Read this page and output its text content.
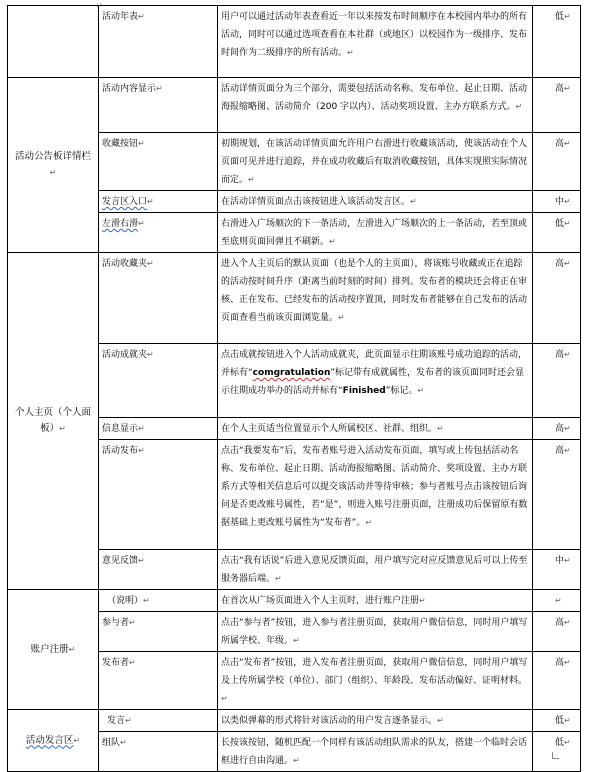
↵
	活动年表↵	用户可以通过活动年表查看近一年以来按发布时间顺序在本校园内举办的所有活动，同时可以通过选项查看在本社群（或地区）以校园作为一级排序、发布时间作为二级排序的所有活动。↵	低↵
活动公告板详情栏↵	活动内容显示↵	活动详情页面分为三个部分，需要包括活动名称、发布单位、起止日期、活动海报缩略图、活动简介（200 字以内）、活动奖项设置、主办方联系方式。↵	高↵
	收藏按钮↵	初期规划，在该活动详情页面允许用户右滑进行收藏该活动，使该活动在个人页面可见并进行追踪，并在成功收藏后有取消收藏按钮，具体实现照实际情况而定。↵	高↵
	发言区入口↵	在活动详情页面点击该按钮进入该活动发言区。↵	中↵
	左滑右滑↵	右滑进入广场顺次的下一条活动，左滑进入广场顺次的上一条活动，若至顶或至底则页面回弹且不刷新。↵	低↵
个人主页（个人面板）↵	活动收藏夹↵	进入个人主页后的默认页面（也是个人的主页面），将该账号收藏或正在追踪的活动按时间升序（距离当前时刻的时间）排列。发布者的模块还会将正在审核、正在发布、已经发布的活动按序置顶，同时发布者能够在自己发布的活动页面查看当前该页面浏览量。↵	高↵
	活动成就夹↵	点击成就按钮进入个人活动成就夹，此页面显示往期该账号成功追踪的活动，并标有“comgratulation”标记带有成就属性，发布者的该页面同时还会显示往期成功举办的活动并标有“Finished”标记。↵	高↵
	信息显示↵	在个人主页适当位置显示个人所属校区、社群、组织。↵	高↵
	活动发布↵	点击“我要发布”后，发布者账号进入活动发布页面，填写或上传包括活动名称、发布单位、起止日期、活动海报缩略图、活动简介、奖项设置、主办方联系方式等相关信息后可以提交该活动并等待审核；参与者账号点击该按钮后询问是否更改账号属性，若“是”，则进入账号注册页面，注册成功后保留原有数据基础上更改账号属性为“发布者”。↵	高↵
	意见反馈↵	点击“我有话说”后进入意见反馈页面，用户填写完对应反馈意见后可以上传至服务器后端。↵	中↵
账户注册↵	（说明）↵	在首次从广场页面进入个人主页时，进行账户注册↵	↵
	参与者↵	点击“参与者”按钮，进入参与者注册页面，获取用户微信信息，同时用户填写所属学校、年级。↵	高↵
	发布者↵	点击“发布者”按钮，进入发布者注册页面，获取用户微信信息，同时用户填写及上传所属学校（单位）、部门（组织）、年龄段、发布活动偏好、证明材料。↵	高↵
活动发言区↵	发言↵	以类似弹幕的形式将针对该活动的用户发言逐条显示。↵	低↵
	组队↵	长按该按钮，随机匹配一个同样有该活动组队需求的队友，搭建一个临时会话框进行自由沟通。↵	低↵
